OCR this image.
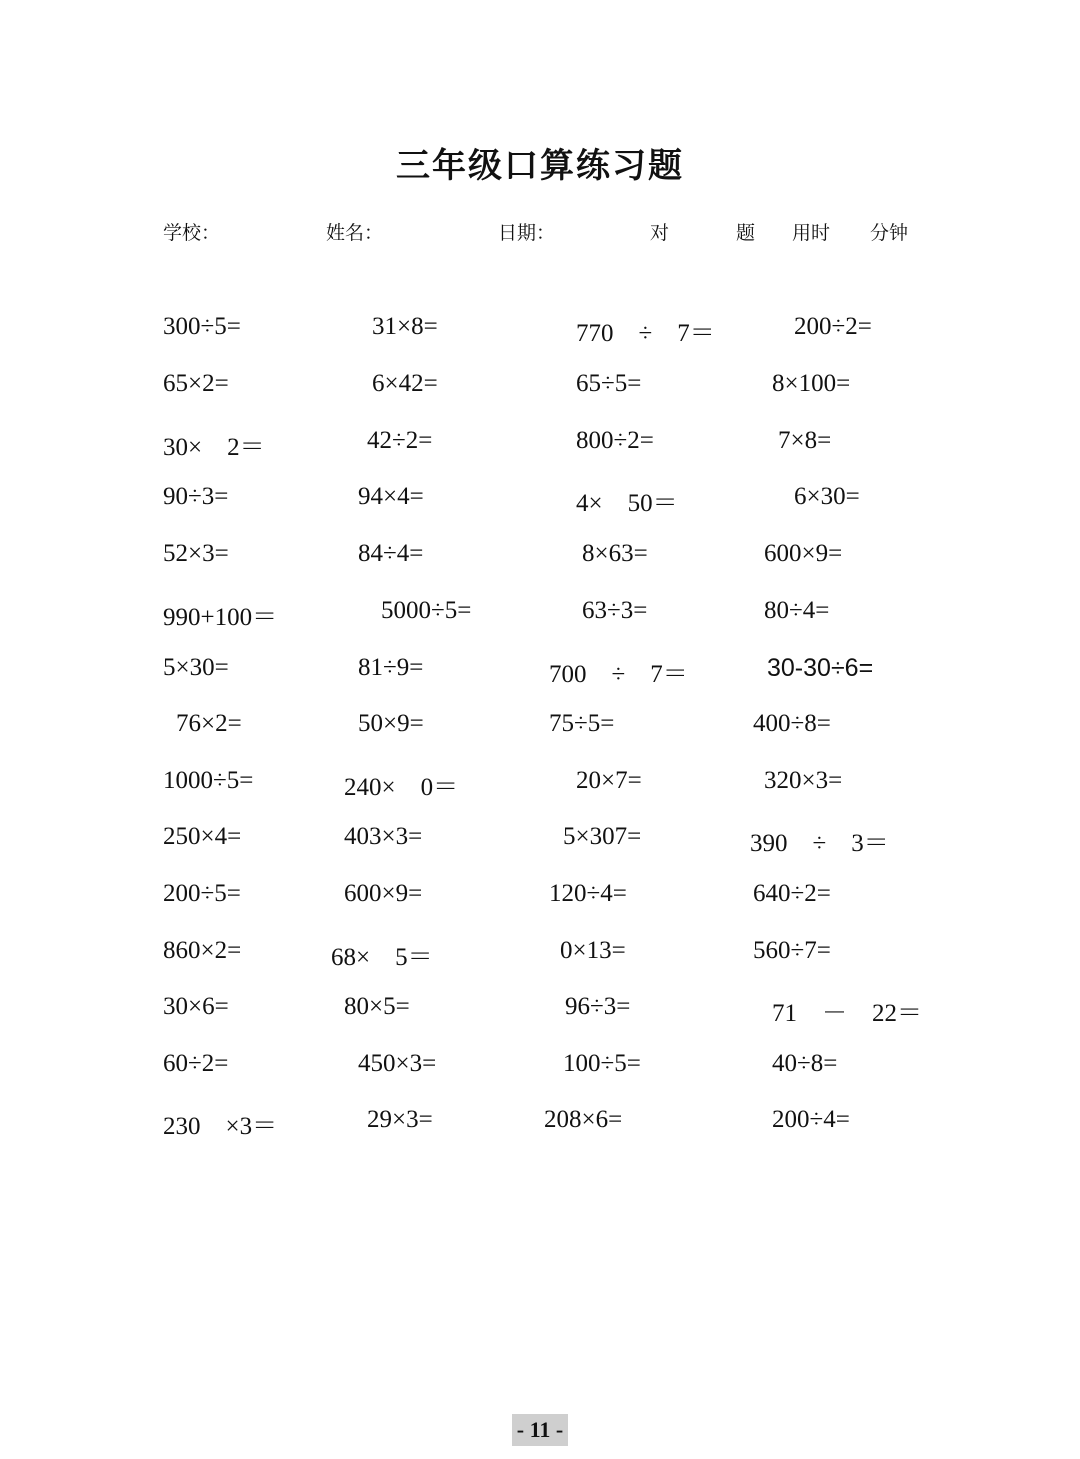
三年级口算练习题
学校：	姓名：	日期：	对	题 用时 分钟
300÷5=	31×8=	770　÷　7＝	200÷2=
65×2=	6×42=	65÷5=	8×100=
30×　2＝	42÷2=	800÷2=	7×8=
90÷3=	94×4=	4×　50＝	6×30=
52×3=	84÷4=	8×63=	600×9=
990+100＝	5000÷5=	63÷3=	80÷4=
5×30=	81÷9=	700　÷　7＝	30-30÷6=
76×2=	50×9=	75÷5=	400÷8=
1000÷5=	240×　0＝	20×7=	320×3=
250×4=	403×3=	5×307=	390　÷　3＝
200÷5=	600×9=	120÷4=	640÷2=
860×2=	68×　5＝	0×13=	560÷7=
30×6=	80×5=	96÷3=	71　－　22＝
60÷2=	450×3=	100÷5=	40÷8=
230　×3＝	29×3=	208×6=	200÷4=
- 11 -
